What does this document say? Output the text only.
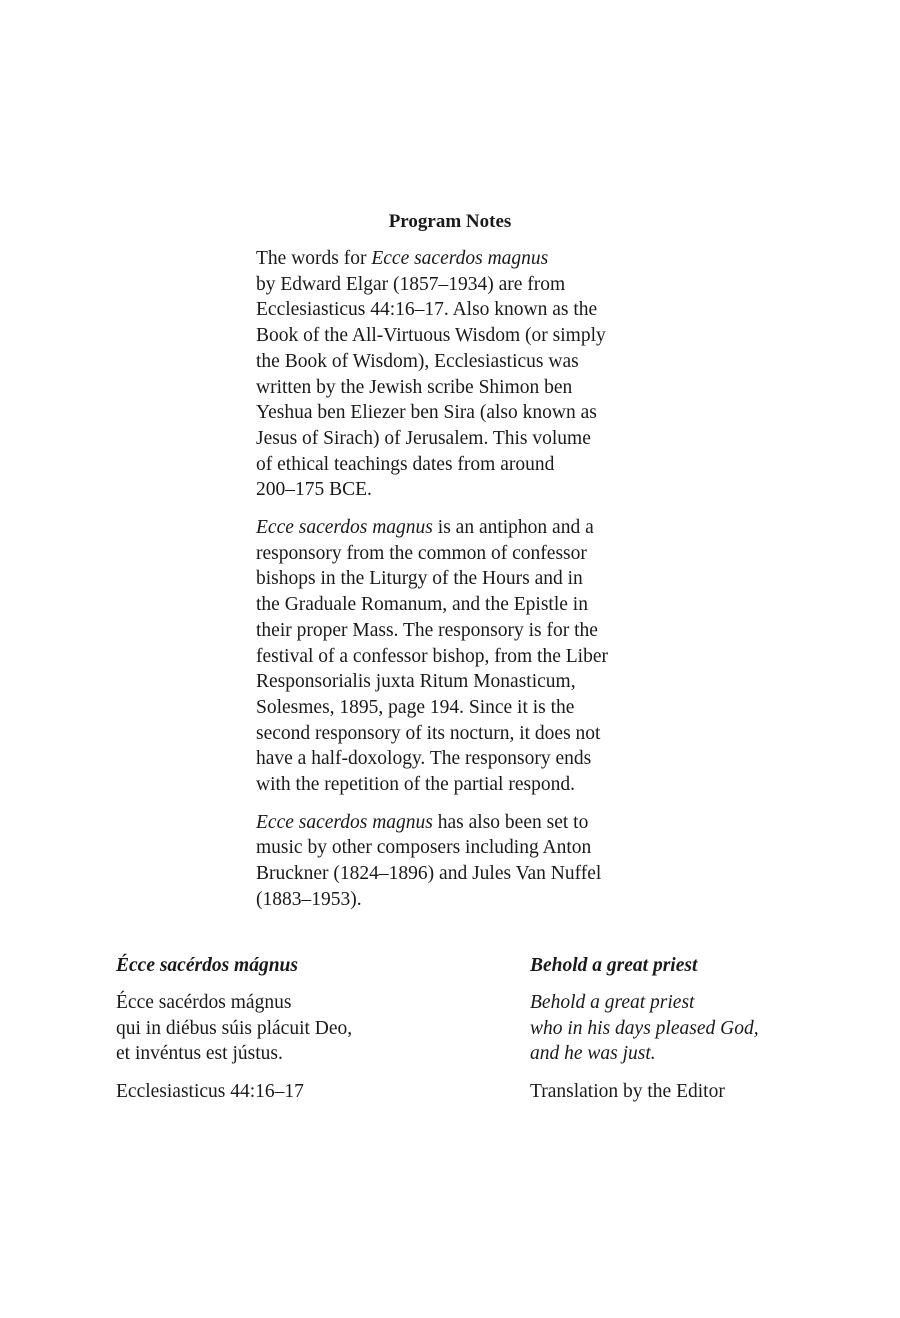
Program Notes
The words for Ecce sacerdos magnus
by Edward Elgar (1857–1934) are from
Ecclesiasticus 44:16–17. Also known as the
Book of the All-Virtuous Wisdom (or simply
the Book of Wisdom), Ecclesiasticus was
written by the Jewish scribe Shimon ben
Yeshua ben Eliezer ben Sira (also known as
Jesus of Sirach) of Jerusalem. This volume
of ethical teachings dates from around
200–175 BCE.
Ecce sacerdos magnus is an antiphon and a
responsory from the common of confessor
bishops in the Liturgy of the Hours and in
the Graduale Romanum, and the Epistle in
their proper Mass. The responsory is for the
festival of a confessor bishop, from the Liber
Responsorialis juxta Ritum Monasticum,
Solesmes, 1895, page 194. Since it is the
second responsory of its nocturn, it does not
have a half-doxology. The responsory ends
with the repetition of the partial respond.
Ecce sacerdos magnus has also been set to
music by other composers including Anton
Bruckner (1824–1896) and Jules Van Nuffel
(1883–1953).
Écce sacérdos mágnus
Écce sacérdos mágnus
qui in diébus súis plácuit Deo,
et invéntus est jústus.
Ecclesiasticus 44:16–17
Behold a great priest
Behold a great priest
who in his days pleased God,
and he was just.
Translation by the Editor
